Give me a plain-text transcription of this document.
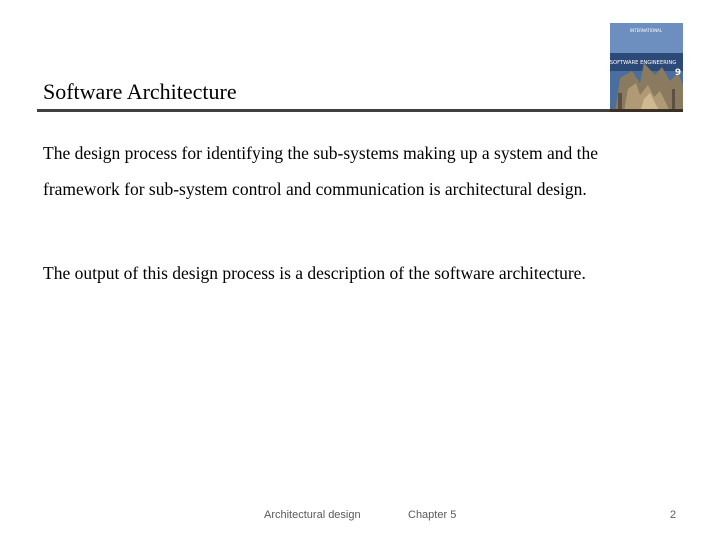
Software Architecture
INTERNATIONAL
SOFTWARE ENGINEERING
9

The design process for identifying the sub-systems making up a system and the framework for sub-system control and communication is architectural design.

The output of this design process is a description of the software architecture.

Architectural design	Chapter 5	2
